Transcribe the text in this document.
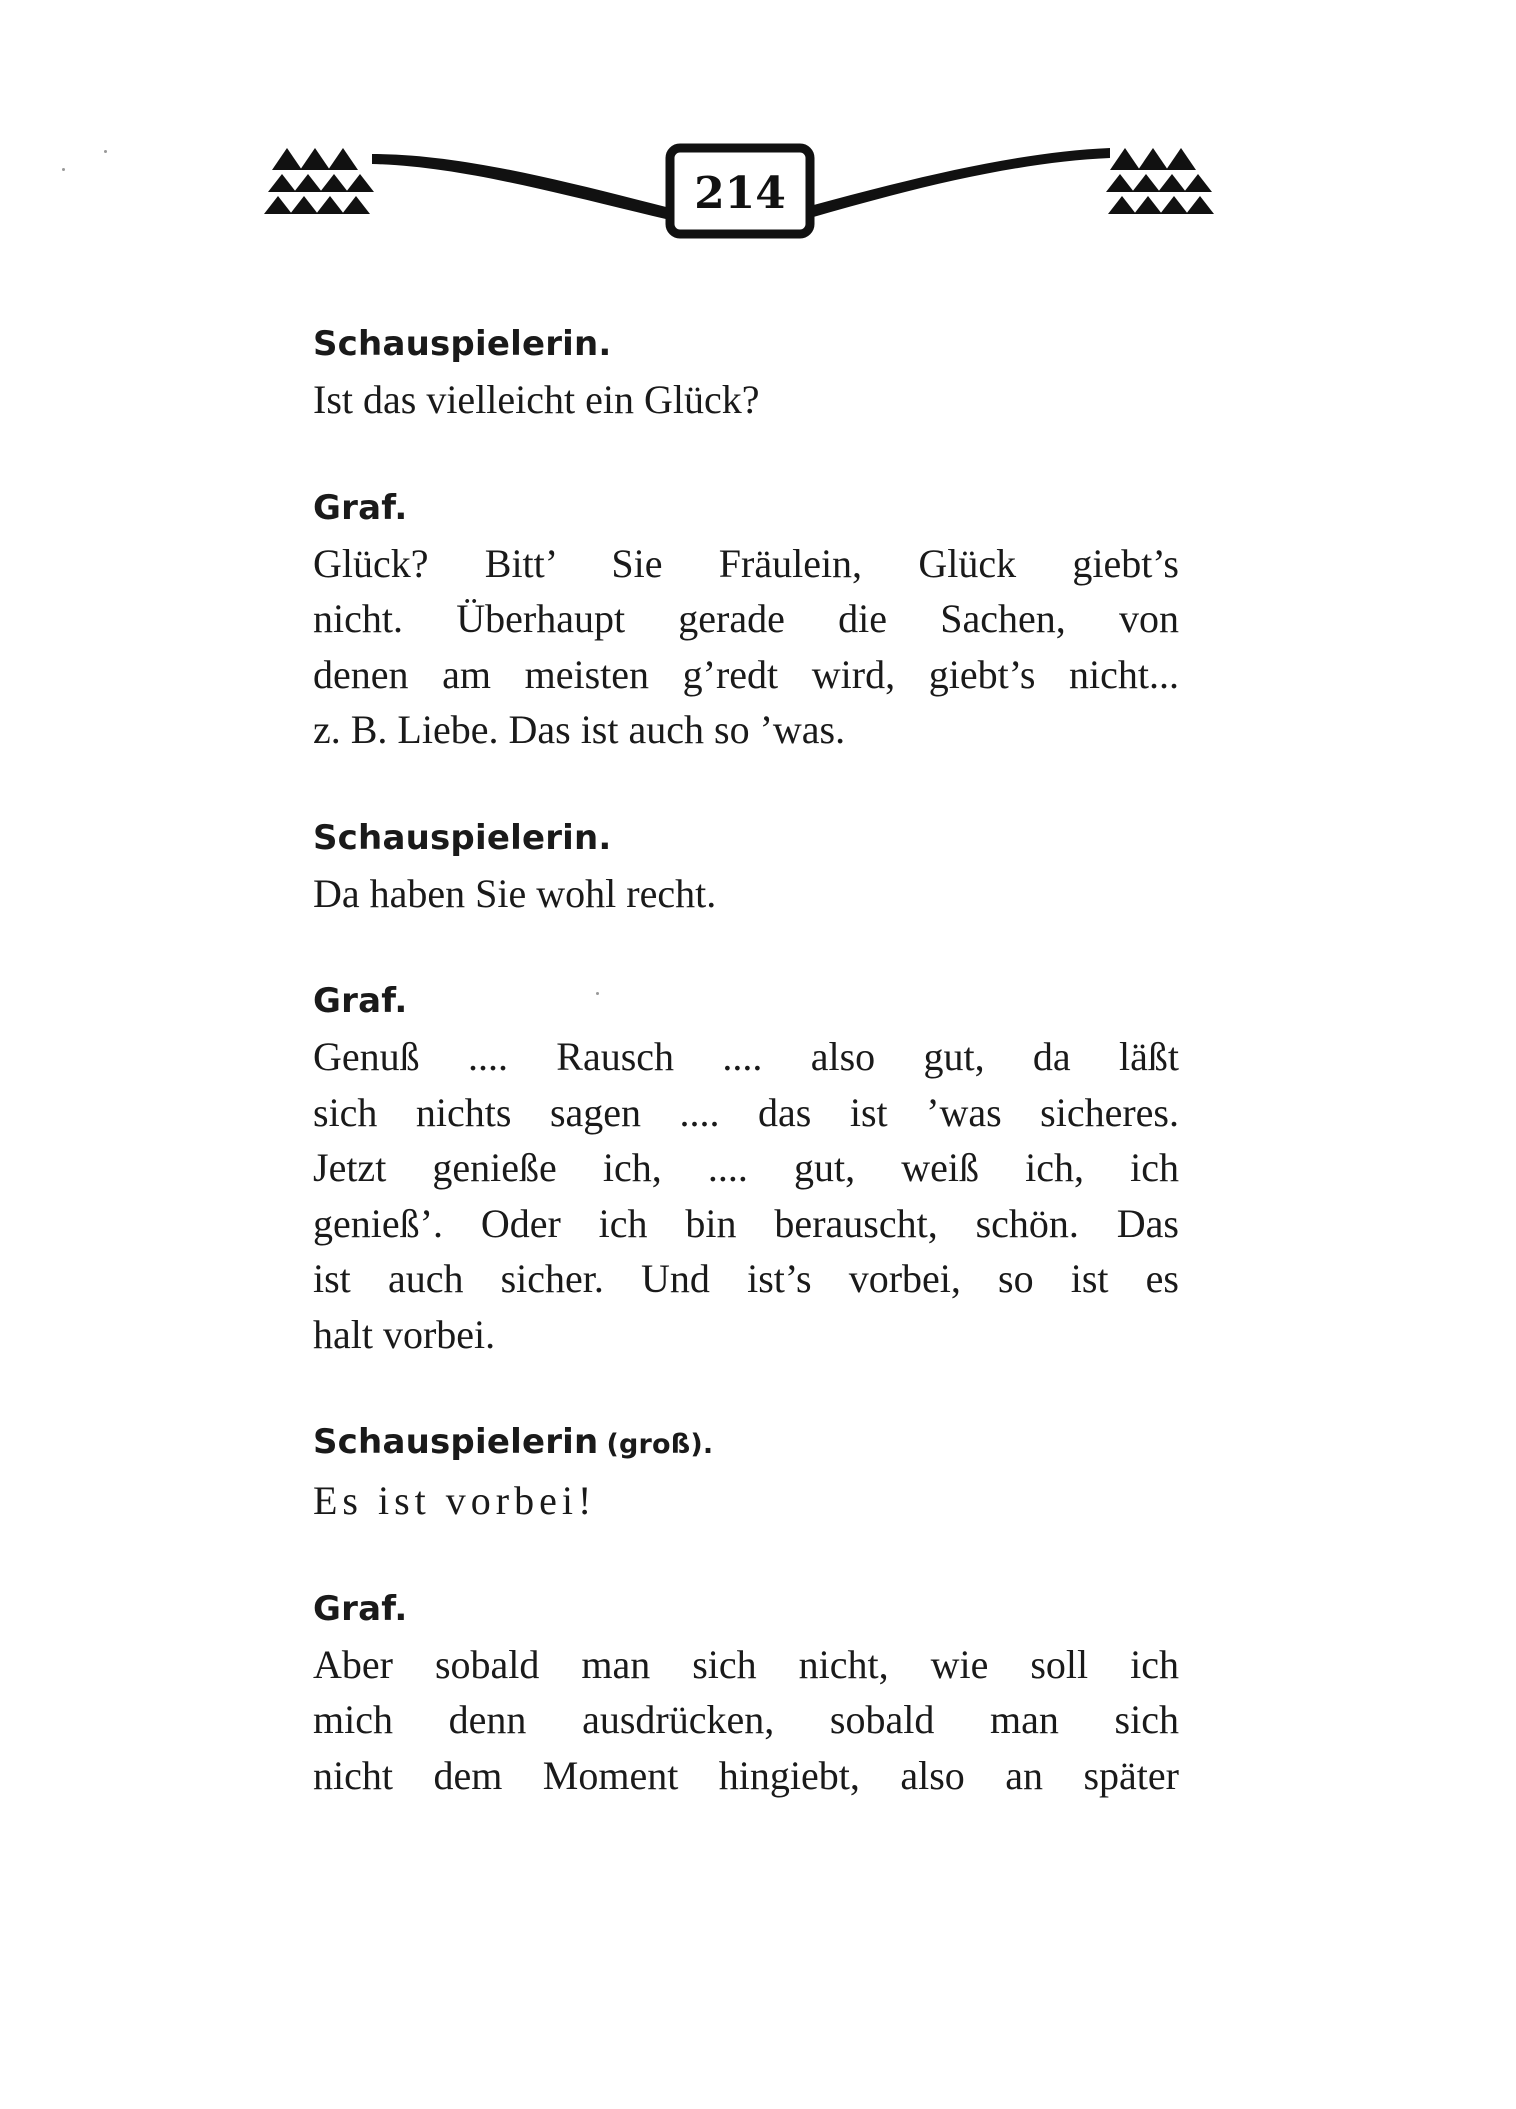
214
Schauspielerin.
Ist das vielleicht ein Glück?
Graf.
Glück? Bitt’ Sie Fräulein, Glück giebt’s
nicht. Überhaupt gerade die Sachen, von
denen am meisten g’redt wird, giebt’s nicht...
z. B. Liebe. Das ist auch so ’was.
Schauspielerin.
Da haben Sie wohl recht.
Graf.
Genuß .... Rausch .... also gut, da läßt
sich nichts sagen .... das ist ’was sicheres.
Jetzt genieße ich, .... gut, weiß ich, ich
genieß’. Oder ich bin berauscht, schön. Das
ist auch sicher. Und ist’s vorbei, so ist es
halt vorbei.
Schauspielerin (groß).
Es ist vorbei!
Graf.
Aber sobald man sich nicht, wie soll ich
mich denn ausdrücken, sobald man sich
nicht dem Moment hingiebt, also an später
